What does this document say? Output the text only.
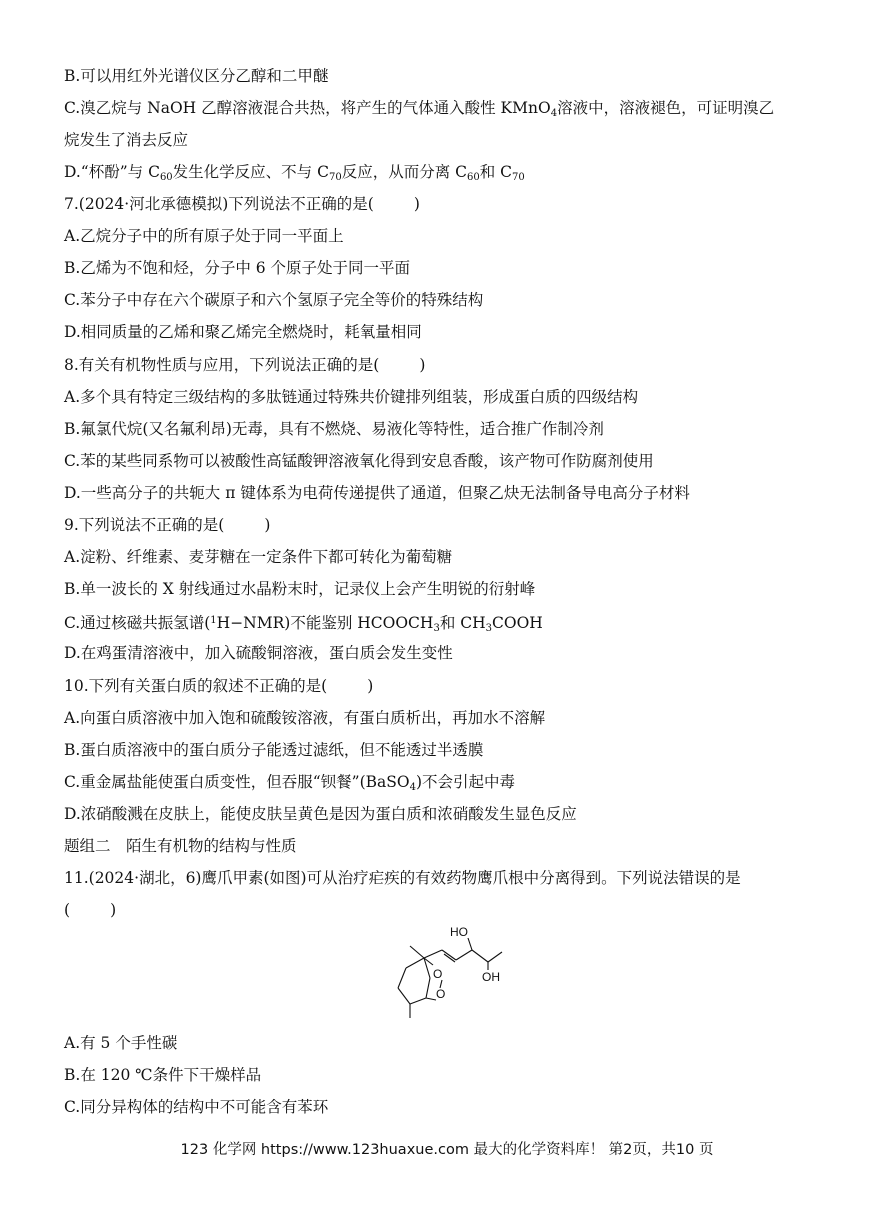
B.可以用红外光谱仪区分乙醇和二甲醚
C.溴乙烷与 NaOH 乙醇溶液混合共热，将产生的气体通入酸性 KMnO$_4$溶液中，溶液褪色，可证明溴乙
烷发生了消去反应
D.“杯酚”与 $C_{60}$发生化学反应、不与 $C_{70}$反应，从而分离 $C_{60}$和 $C_{70}$
7.(2024·河北承德模拟)下列说法不正确的是(	)
A.乙烷分子中的所有原子处于同一平面上
B.乙烯为不饱和烃，分子中 6 个原子处于同一平面
C.苯分子中存在六个碳原子和六个氢原子完全等价的特殊结构
D.相同质量的乙烯和聚乙烯完全燃烧时，耗氧量相同
8.有关有机物性质与应用，下列说法正确的是(	)
A.多个具有特定三级结构的多肽链通过特殊共价键排列组装，形成蛋白质的四级结构
B.氟氯代烷(又名氟利昂)无毒，具有不燃烧、易液化等特性，适合推广作制冷剂
C.苯的某些同系物可以被酸性高锰酸钾溶液氧化得到安息香酸，该产物可作防腐剂使用
D.一些高分子的共轭大 π 键体系为电荷传递提供了通道，但聚乙炔无法制备导电高分子材料
9.下列说法不正确的是(	)
A.淀粉、纤维素、麦芽糖在一定条件下都可转化为葡萄糖
B.单一波长的 X 射线通过水晶粉末时，记录仪上会产生明锐的衍射峰
C.通过核磁共振氢谱($^1$H−NMR)不能鉴别 $HCOOCH_3$和 $CH_3COOH$
D.在鸡蛋清溶液中，加入硫酸铜溶液，蛋白质会发生变性
10.下列有关蛋白质的叙述不正确的是(	)
A.向蛋白质溶液中加入饱和硫酸铵溶液，有蛋白质析出，再加水不溶解
B.蛋白质溶液中的蛋白质分子能透过滤纸，但不能透过半透膜
C.重金属盐能使蛋白质变性，但吞服“钡餐”(BaSO$_4$)不会引起中毒
D.浓硝酸溅在皮肤上，能使皮肤呈黄色是因为蛋白质和浓硝酸发生显色反应
题组二　陌生有机物的结构与性质
11.(2024·湖北，6)鹰爪甲素(如图)可从治疗疟疾的有效药物鹰爪根中分离得到。下列说法错误的是
(	)
HO
O
O
OH
A.有 5 个手性碳
B.在 120 ℃条件下干燥样品
C.同分异构体的结构中不可能含有苯环
123 化学网 https://www.123huaxue.com 最大的化学资料库！ 第2页，共10 页
